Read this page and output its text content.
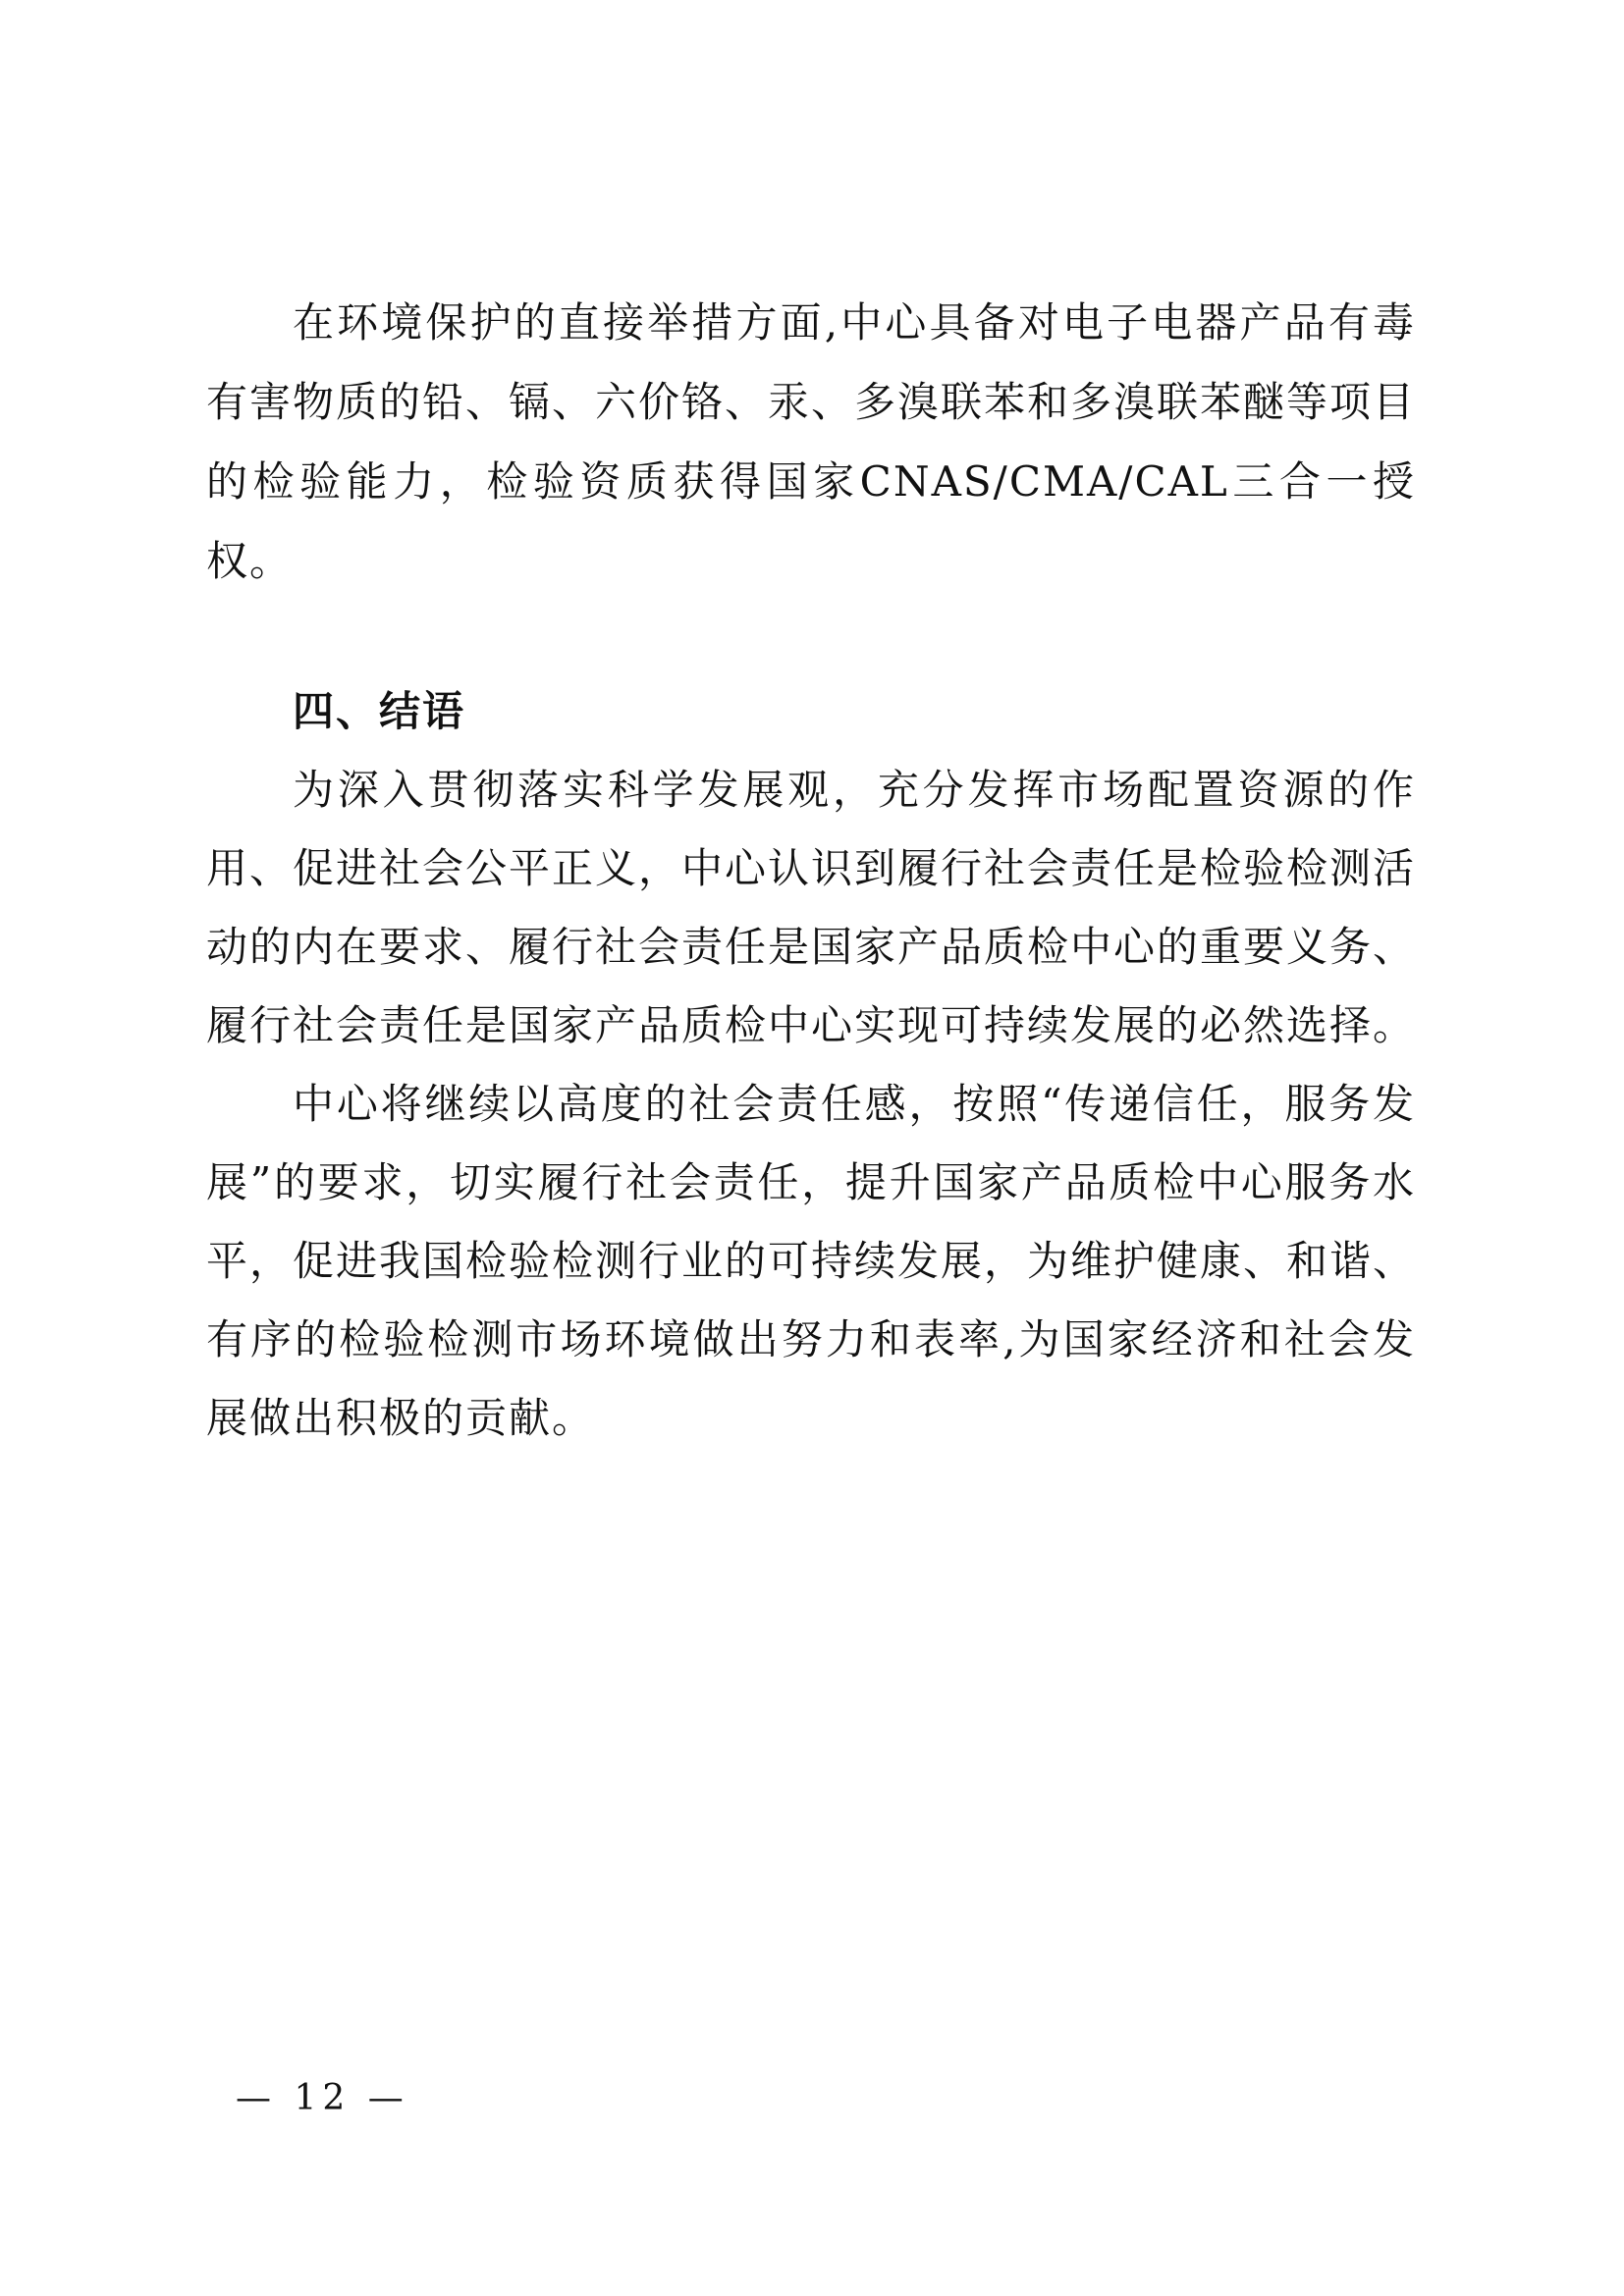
在环境保护的直接举措方面,中心具备对电子电器产品有毒有害物质的铅、镉、六价铬、汞、多溴联苯和多溴联苯醚等项目的检验能力，检验资质获得国家CNAS/CMA/CAL三合一授权。

四、结语

为深入贯彻落实科学发展观，充分发挥市场配置资源的作用、促进社会公平正义，中心认识到履行社会责任是检验检测活动的内在要求、履行社会责任是国家产品质检中心的重要义务、履行社会责任是国家产品质检中心实现可持续发展的必然选择。

中心将继续以高度的社会责任感，按照“传递信任，服务发展”的要求，切实履行社会责任，提升国家产品质检中心服务水平，促进我国检验检测行业的可持续发展，为维护健康、和谐、有序的检验检测市场环境做出努力和表率,为国家经济和社会发展做出积极的贡献。

— 12 —
